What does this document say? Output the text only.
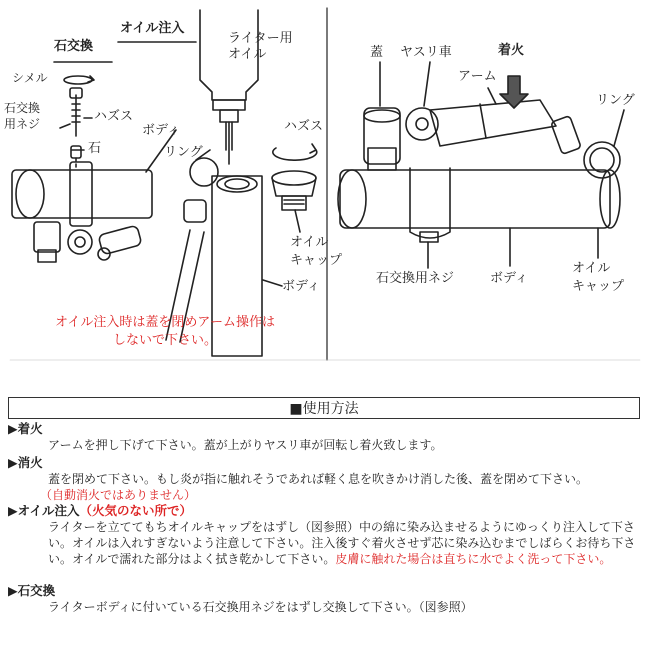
石交換
オイル注入
ライター用
オイル
シメル
ハズス
石交換
用ネジ	ボディ
石	リング
ハズス
オイル
キャップ
ボディ
オイル注入時は蓋を閉めアーム操作は
しないで下さい。
蓋 ヤスリ車	着火
アーム
リング
石交換用ネジ	ボディ
オイル
キャップ
■使用方法
▶着火
アームを押し下げて下さい。蓋が上がりヤスリ車が回転し着火致します。
▶消火
蓋を閉めて下さい。もし炎が指に触れそうであれば軽く息を吹きかけ消した後、蓋を閉めて下さい。
（自動消火ではありません）
▶オイル注入（火気のない所で）
ライターを立ててもちオイルキャップをはずし（図参照）中の綿に染み込ませるようにゆっくり注入して下さい。オイルは入れすぎないよう注意して下さい。注入後すぐ着火させず芯に染み込むまでしばらくお待ち下さい。オイルで濡れた部分はよく拭き乾かして下さい。皮膚に触れた場合は直ちに水でよく洗って下さい。
▶石交換
ライターボディに付いている石交換用ネジをはずし交換して下さい。（図参照）
